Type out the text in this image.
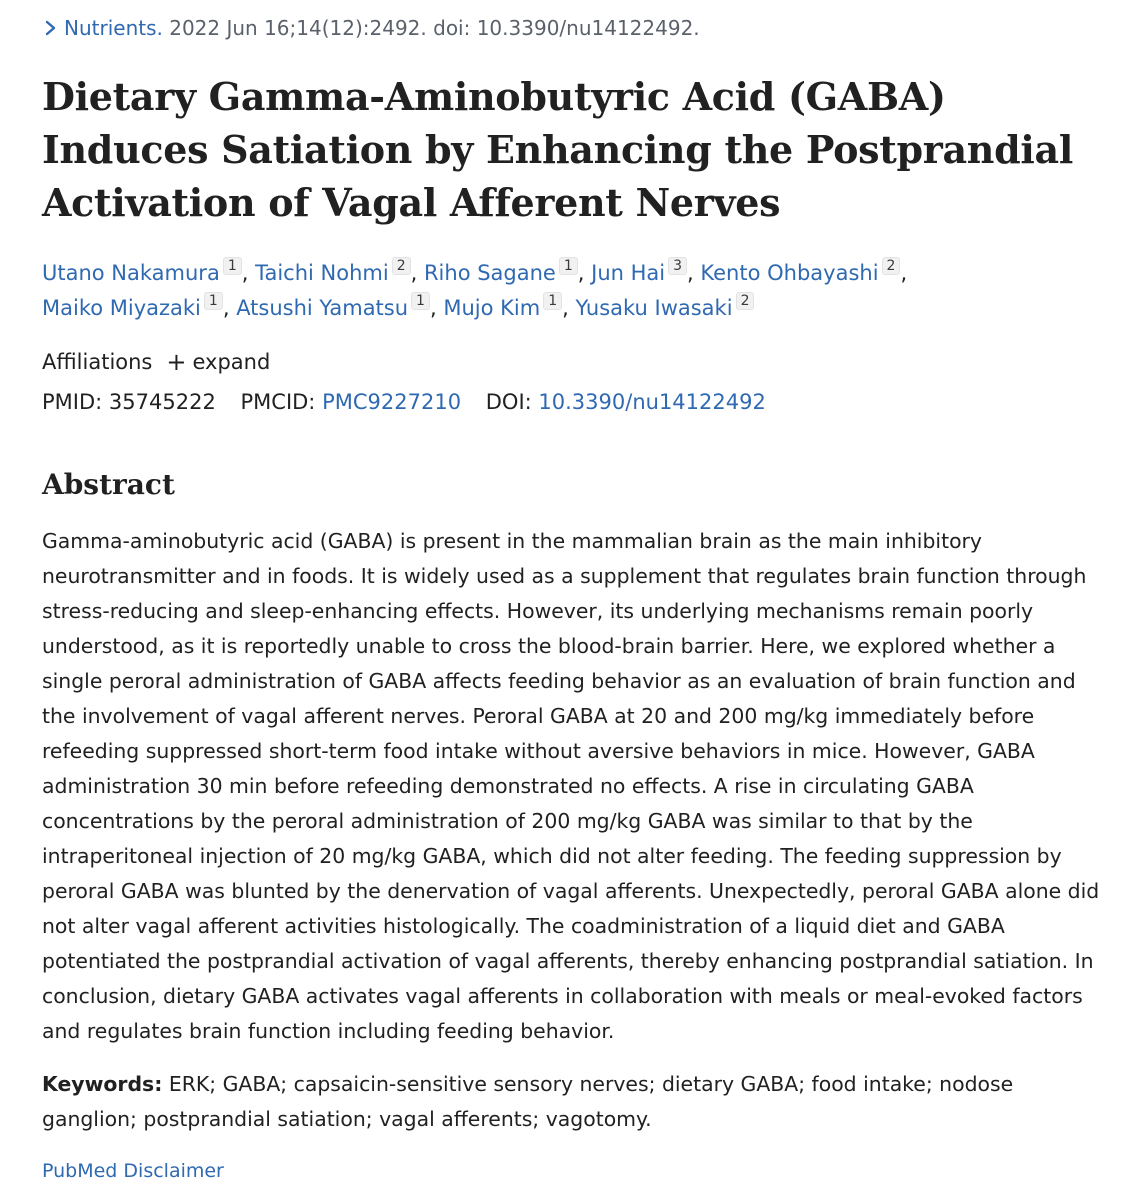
Nutrients. 2022 Jun 16;14(12):2492. doi: 10.3390/nu14122492.
Dietary Gamma-Aminobutyric Acid (GABA) Induces Satiation by Enhancing the Postprandial Activation of Vagal Afferent Nerves
Utano Nakamura $^1$ , Taichi Nohmi $^2$ , Riho Sagane $^1$ , Jun Hai $^3$ , Kento Ohbayashi $^2$ ,
Maiko Miyazaki $^1$ , Atsushi Yamatsu $^1$ , Mujo Kim $^1$ , Yusaku Iwasaki $^2$
Affiliations + expand
PMID: 35745222 PMCID: PMC9227210 DOI: 10.3390/nu14122492
Abstract

Gamma-aminobutyric acid (GABA) is present in the mammalian brain as the main inhibitory neurotransmitter and in foods. It is widely used as a supplement that regulates brain function through stress-reducing and sleep-enhancing effects. However, its underlying mechanisms remain poorly understood, as it is reportedly unable to cross the blood-brain barrier. Here, we explored whether a single peroral administration of GABA affects feeding behavior as an evaluation of brain function and the involvement of vagal afferent nerves. Peroral GABA at 20 and 200 mg/kg immediately before refeeding suppressed short-term food intake without aversive behaviors in mice. However, GABA administration 30 min before refeeding demonstrated no effects. A rise in circulating GABA concentrations by the peroral administration of 200 mg/kg GABA was similar to that by the intraperitoneal injection of 20 mg/kg GABA, which did not alter feeding. The feeding suppression by peroral GABA was blunted by the denervation of vagal afferents. Unexpectedly, peroral GABA alone did not alter vagal afferent activities histologically. The coadministration of a liquid diet and GABA potentiated the postprandial activation of vagal afferents, thereby enhancing postprandial satiation. In conclusion, dietary GABA activates vagal afferents in collaboration with meals or meal-evoked factors and regulates brain function including feeding behavior.

Keywords: ERK; GABA; capsaicin-sensitive sensory nerves; dietary GABA; food intake; nodose ganglion; postprandial satiation; vagal afferents; vagotomy.

PubMed Disclaimer
